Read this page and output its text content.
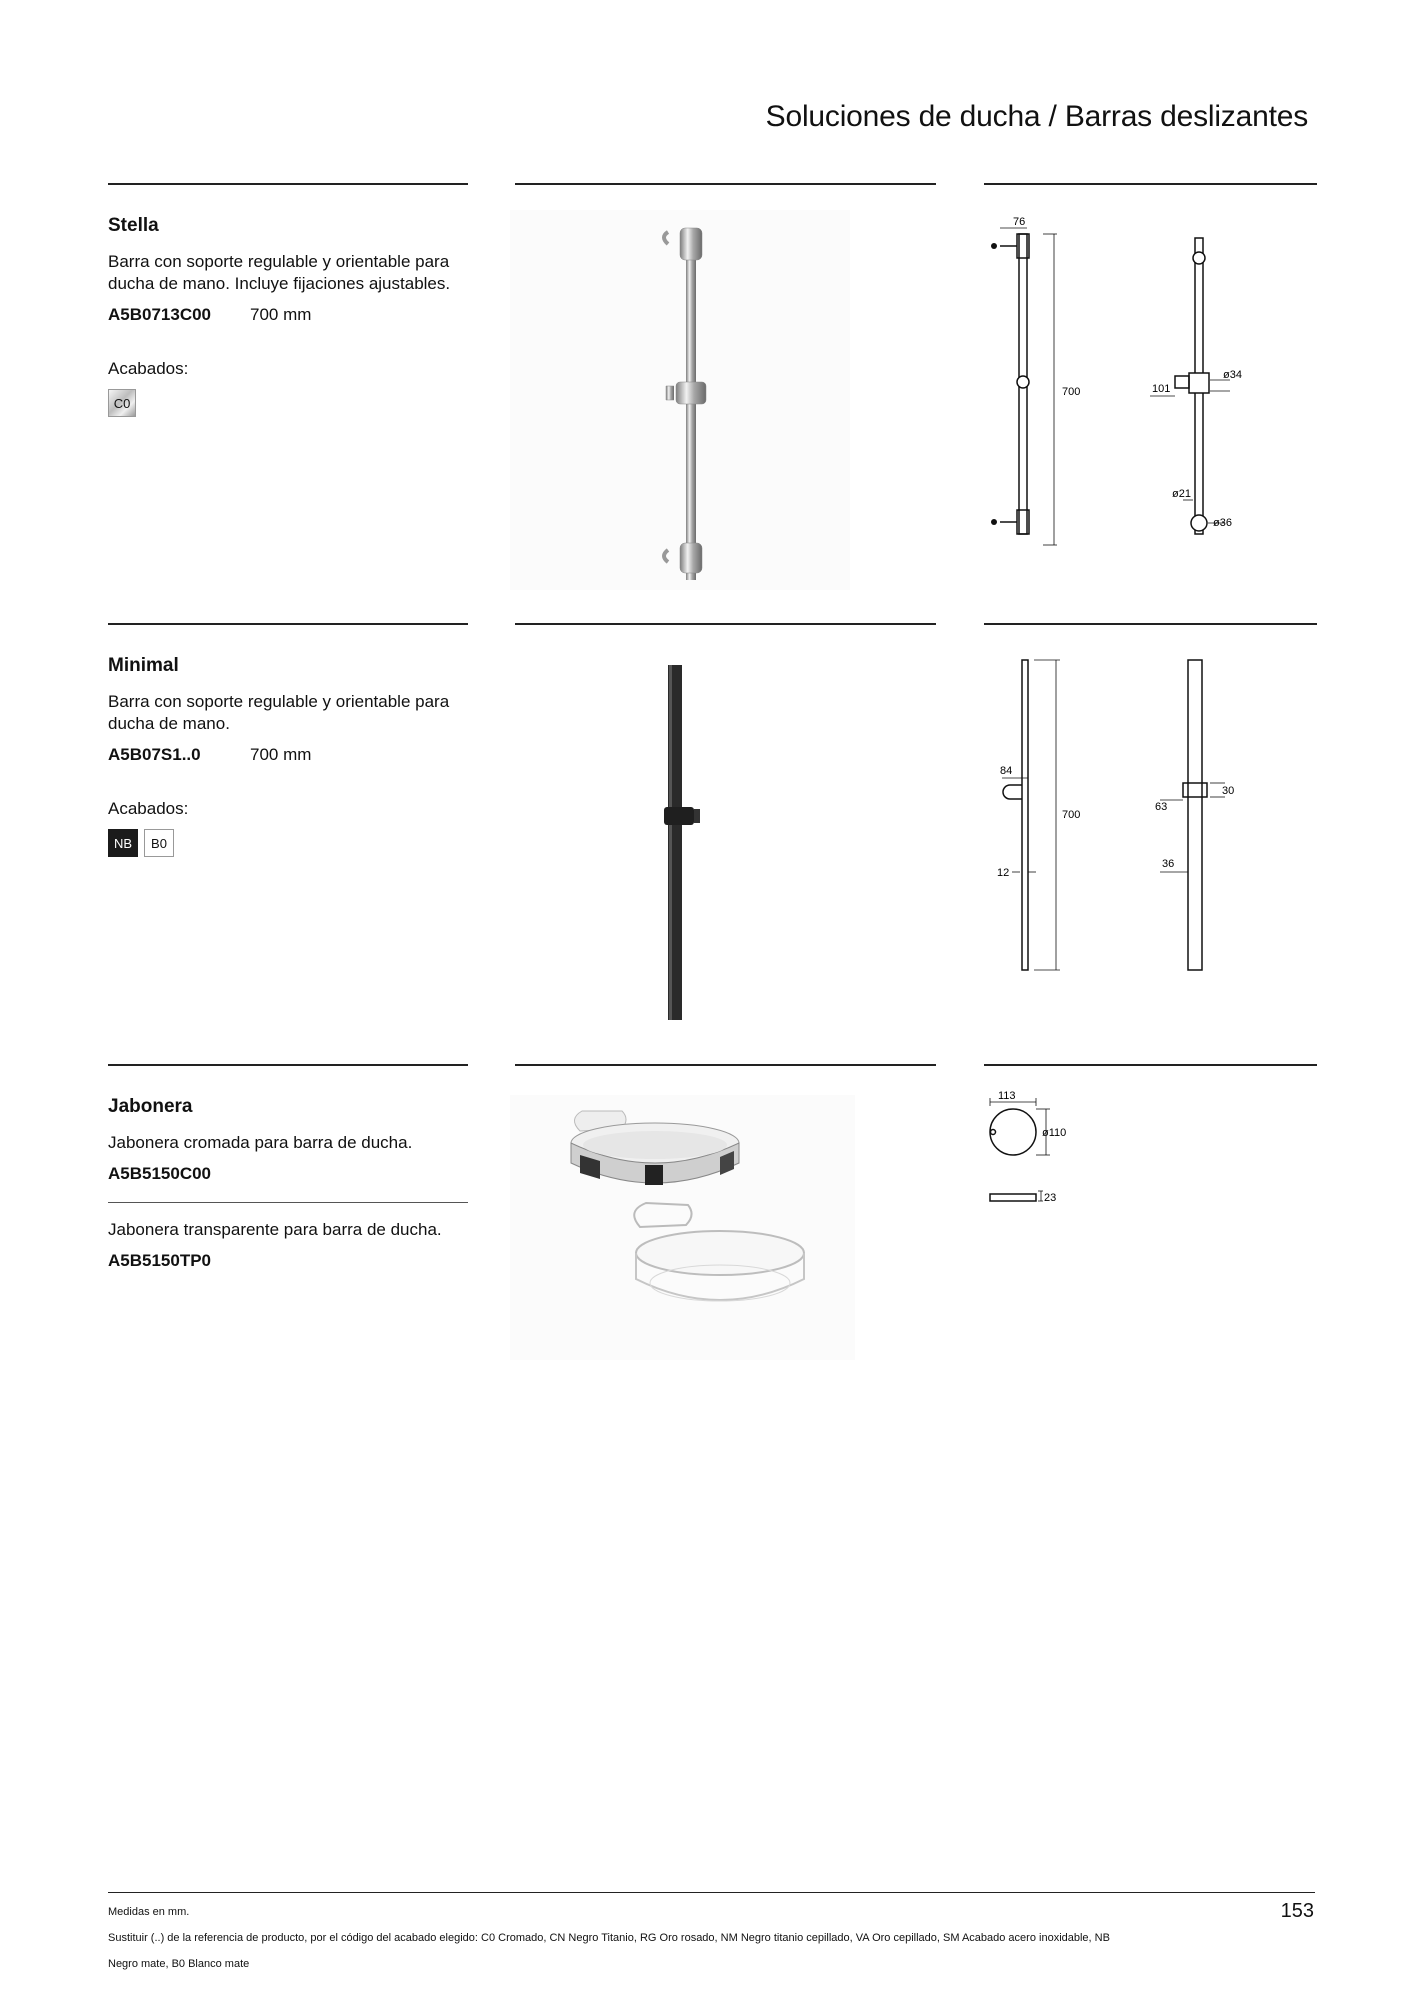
Soluciones de ducha / Barras deslizantes

Stella

Barra con soporte regulable y orientable para ducha de mano. Incluye fijaciones ajustables.

A5B0713C00	700 mm
Acabados:
C0
76
700	101
ø34
ø21
ø36

Minimal

Barra con soporte regulable y orientable para ducha de mano.

A5B07S1..0	700 mm
Acabados:
NB	B0
84
700
12
63
30
36

Jabonera

Jabonera cromada para barra de ducha.

A5B5150C00

Jabonera transparente para barra de ducha.

A5B5150TP0
113
ø110
23
Medidas en mm.
Sustituir (..) de la referencia de producto, por el código del acabado elegido: C0 Cromado, CN Negro Titanio, RG Oro rosado, NM Negro titanio cepillado, VA Oro cepillado, SM Acabado acero inoxidable, NB
Negro mate, B0 Blanco mate
153
